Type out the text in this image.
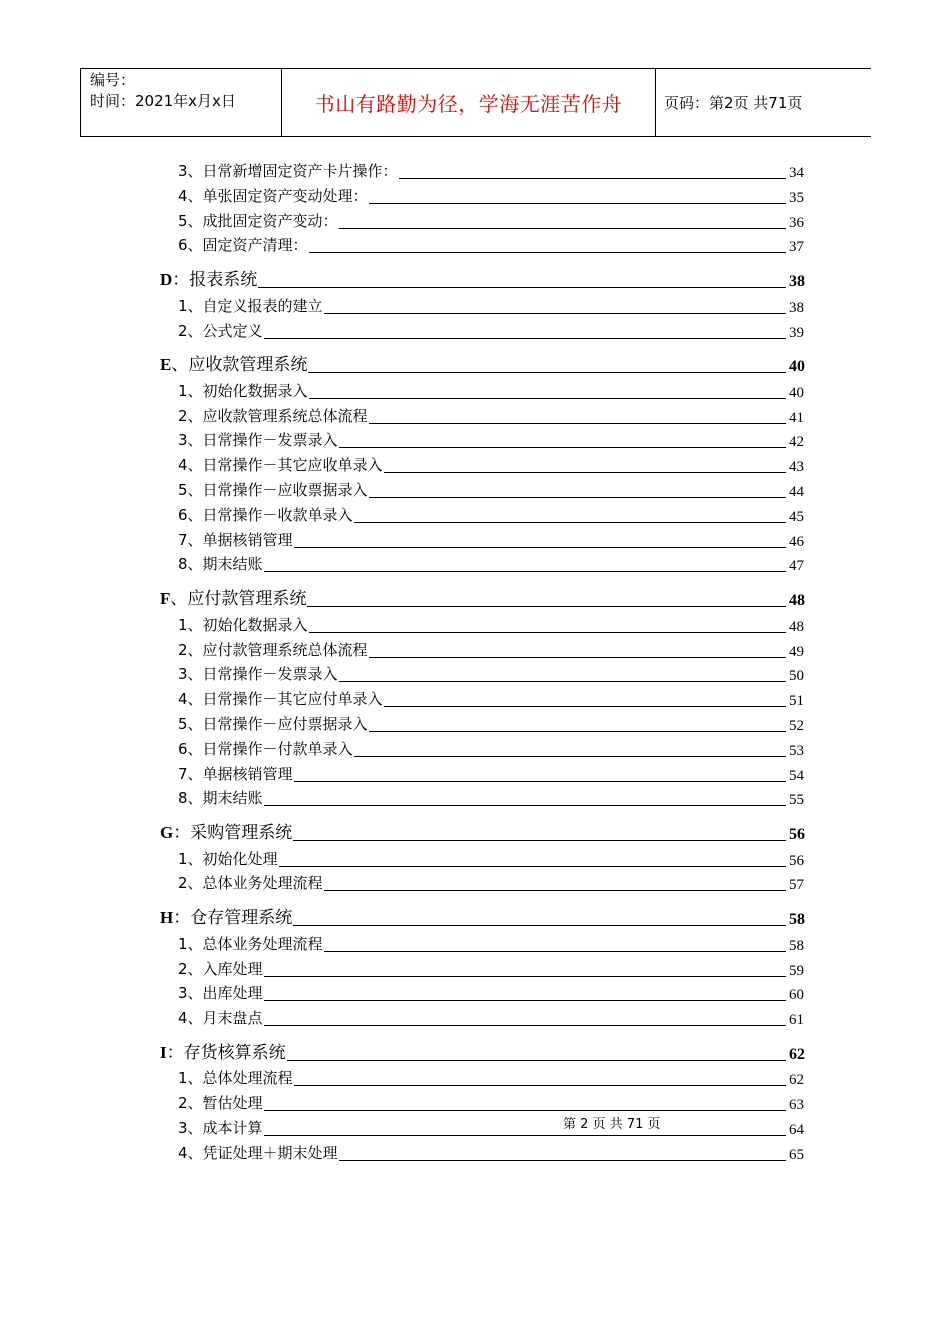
编号：
时间：2021年x月x日	书山有路勤为径，学海无涯苦作舟	页码：第2页 共71页
3、日常新增固定资产卡片操作：	34
4、单张固定资产变动处理：	35
5、成批固定资产变动：	36
6、固定资产清理：	37
D：报表系统	38
1、自定义报表的建立	38
2、公式定义	39
E、应收款管理系统	40
1、初始化数据录入	40
2、应收款管理系统总体流程	41
3、日常操作－发票录入	42
4、日常操作－其它应收单录入	43
5、日常操作－应收票据录入	44
6、日常操作－收款单录入	45
7、单据核销管理	46
8、期末结账	47
F、应付款管理系统	48
1、初始化数据录入	48
2、应付款管理系统总体流程	49
3、日常操作－发票录入	50
4、日常操作－其它应付单录入	51
5、日常操作－应付票据录入	52
6、日常操作－付款单录入	53
7、单据核销管理	54
8、期末结账	55
G：采购管理系统	56
1、初始化处理	56
2、总体业务处理流程	57
H：仓存管理系统	58
1、总体业务处理流程	58
2、入库处理	59
3、出库处理	60
4、月末盘点	61
I：存货核算系统	62
1、总体处理流程	62
2、暂估处理	63
3、成本计算	64
4、凭证处理＋期末处理	65
第 2 页 共 71 页
